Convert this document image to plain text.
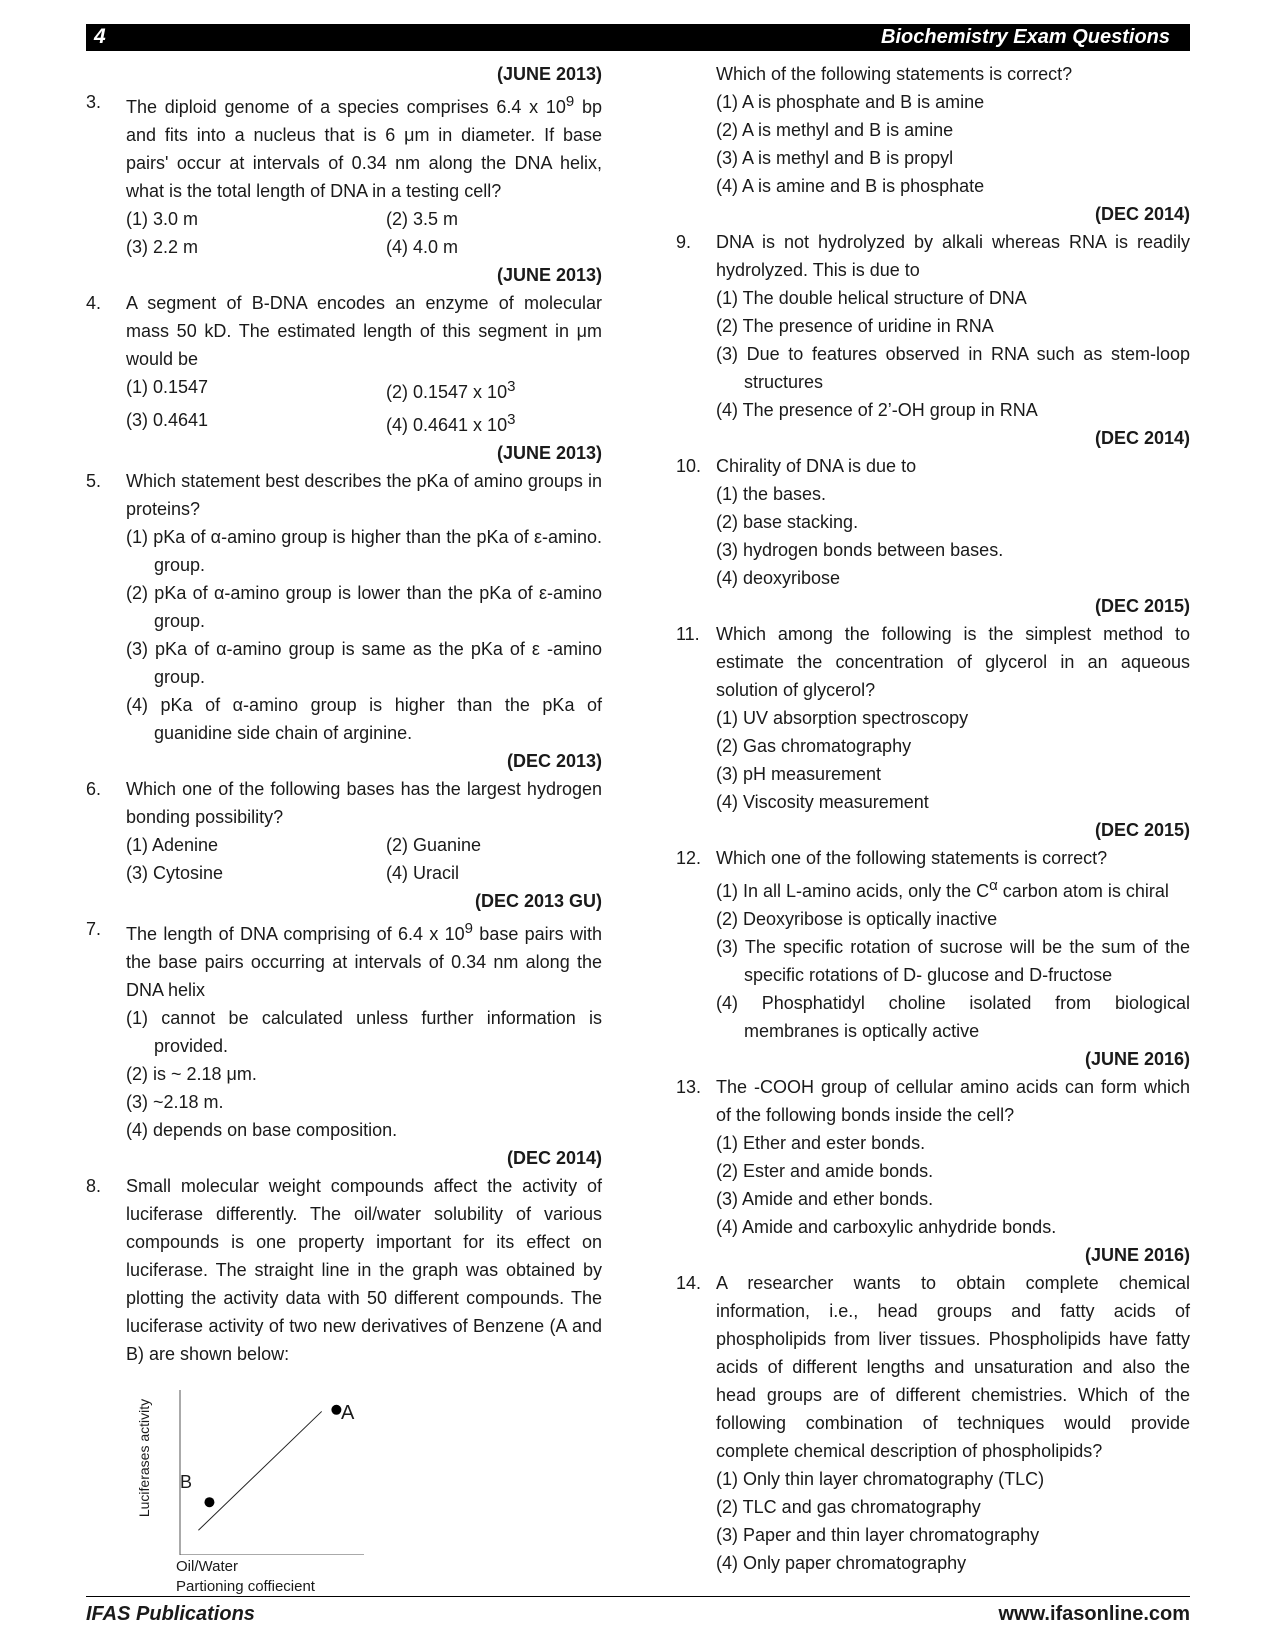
4	Biochemistry Exam Questions
(JUNE 2013)
3. The diploid genome of a species comprises 6.4 x $10^9$ bp and fits into a nucleus that is 6 μm in diameter. If base pairs' occur at intervals of 0.34 nm along the DNA helix, what is the total length of DNA in a testing cell?
(1) 3.0 m	(2) 3.5 m
(3) 2.2 m	(4) 4.0 m
(JUNE 2013)
4. A segment of B-DNA encodes an enzyme of molecular mass 50 kD. The estimated length of this segment in μm would be
(1) 0.1547	(2) 0.1547 x $10^3$
(3) 0.4641	(4) 0.4641 x $10^3$
(JUNE 2013)
5. Which statement best describes the pKa of amino groups in proteins?
(1) pKa of α-amino group is higher than the pKa of ε-amino. group.
(2) pKa of α-amino group is lower than the pKa of ε-amino group.
(3) pKa of α-amino group is same as the pKa of ε -amino group.
(4) pKa of α-amino group is higher than the pKa of guanidine side chain of arginine.
(DEC 2013)
6. Which one of the following bases has the largest hydrogen bonding possibility?
(1) Adenine	(2) Guanine
(3) Cytosine	(4) Uracil
(DEC 2013 GU)
7. The length of DNA comprising of 6.4 x $10^9$ base pairs with the base pairs occurring at intervals of 0.34 nm along the DNA helix
(1) cannot be calculated unless further information is provided.
(2) is ~ 2.18 μm.
(3) ~2.18 m.
(4) depends on base composition.
(DEC 2014)
8. Small molecular weight compounds affect the activity of luciferase differently. The oil/water solubility of various compounds is one property important for its effect on luciferase. The straight line in the graph was obtained by plotting the activity data with 50 different compounds. The luciferase activity of two new derivatives of Benzene (A and B) are shown below:
A
B
Luciferases activity
Oil/Water
Partioning coffiecient
Which of the following statements is correct?
(1) A is phosphate and B is amine
(2) A is methyl and B is amine
(3) A is methyl and B is propyl
(4) A is amine and B is phosphate
(DEC 2014)
9. DNA is not hydrolyzed by alkali whereas RNA is readily hydrolyzed. This is due to
(1) The double helical structure of DNA
(2) The presence of uridine in RNA
(3) Due to features observed in RNA such as stem-loop structures
(4) The presence of 2’-OH group in RNA
(DEC 2014)
10. Chirality of DNA is due to
(1) the bases.
(2) base stacking.
(3) hydrogen bonds between bases.
(4) deoxyribose
(DEC 2015)
11. Which among the following is the simplest method to estimate the concentration of glycerol in an aqueous solution of glycerol?
(1) UV absorption spectroscopy
(2) Gas chromatography
(3) pH measurement
(4) Viscosity measurement
(DEC 2015)
12. Which one of the following statements is correct?
(1) In all L-amino acids, only the $C^\alpha$ carbon atom is chiral
(2) Deoxyribose is optically inactive
(3) The specific rotation of sucrose will be the sum of the specific rotations of D- glucose and D-fructose
(4) Phosphatidyl choline isolated from biological membranes is optically active
(JUNE 2016)
13. The -COOH group of cellular amino acids can form which of the following bonds inside the cell?
(1) Ether and ester bonds.
(2) Ester and amide bonds.
(3) Amide and ether bonds.
(4) Amide and carboxylic anhydride bonds.
(JUNE 2016)
14. A researcher wants to obtain complete chemical information, i.e., head groups and fatty acids of phospholipids from liver tissues. Phospholipids have fatty acids of different lengths and unsaturation and also the head groups are of different chemistries. Which of the following combination of techniques would provide complete chemical description of phospholipids?
(1) Only thin layer chromatography (TLC)
(2) TLC and gas chromatography
(3) Paper and thin layer chromatography
(4) Only paper chromatography
IFAS Publications	www.ifasonline.com
